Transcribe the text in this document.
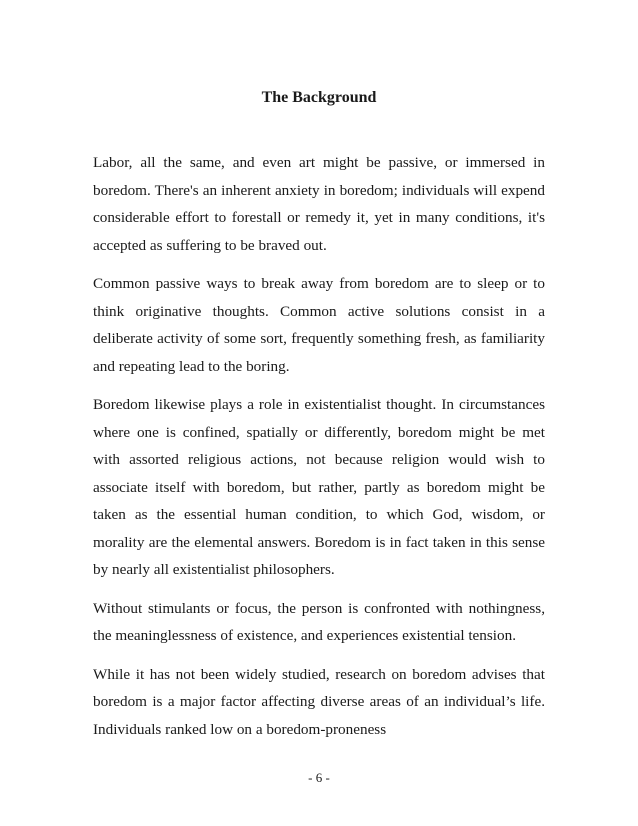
The Background

Labor, all the same, and even art might be passive, or immersed in boredom. There's an inherent anxiety in boredom; individuals will expend considerable effort to forestall or remedy it, yet in many conditions, it's accepted as suffering to be braved out.

Common passive ways to break away from boredom are to sleep or to think originative thoughts. Common active solutions consist in a deliberate activity of some sort, frequently something fresh, as familiarity and repeating lead to the boring.

Boredom likewise plays a role in existentialist thought. In circumstances where one is confined, spatially or differently, boredom might be met with assorted religious actions, not because religion would wish to associate itself with boredom, but rather, partly as boredom might be taken as the essential human condition, to which God, wisdom, or morality are the elemental answers. Boredom is in fact taken in this sense by nearly all existentialist philosophers.

Without stimulants or focus, the person is confronted with nothingness, the meaninglessness of existence, and experiences existential tension.

While it has not been widely studied, research on boredom advises that boredom is a major factor affecting diverse areas of an individual’s life. Individuals ranked low on a boredom-proneness

- 6 -
